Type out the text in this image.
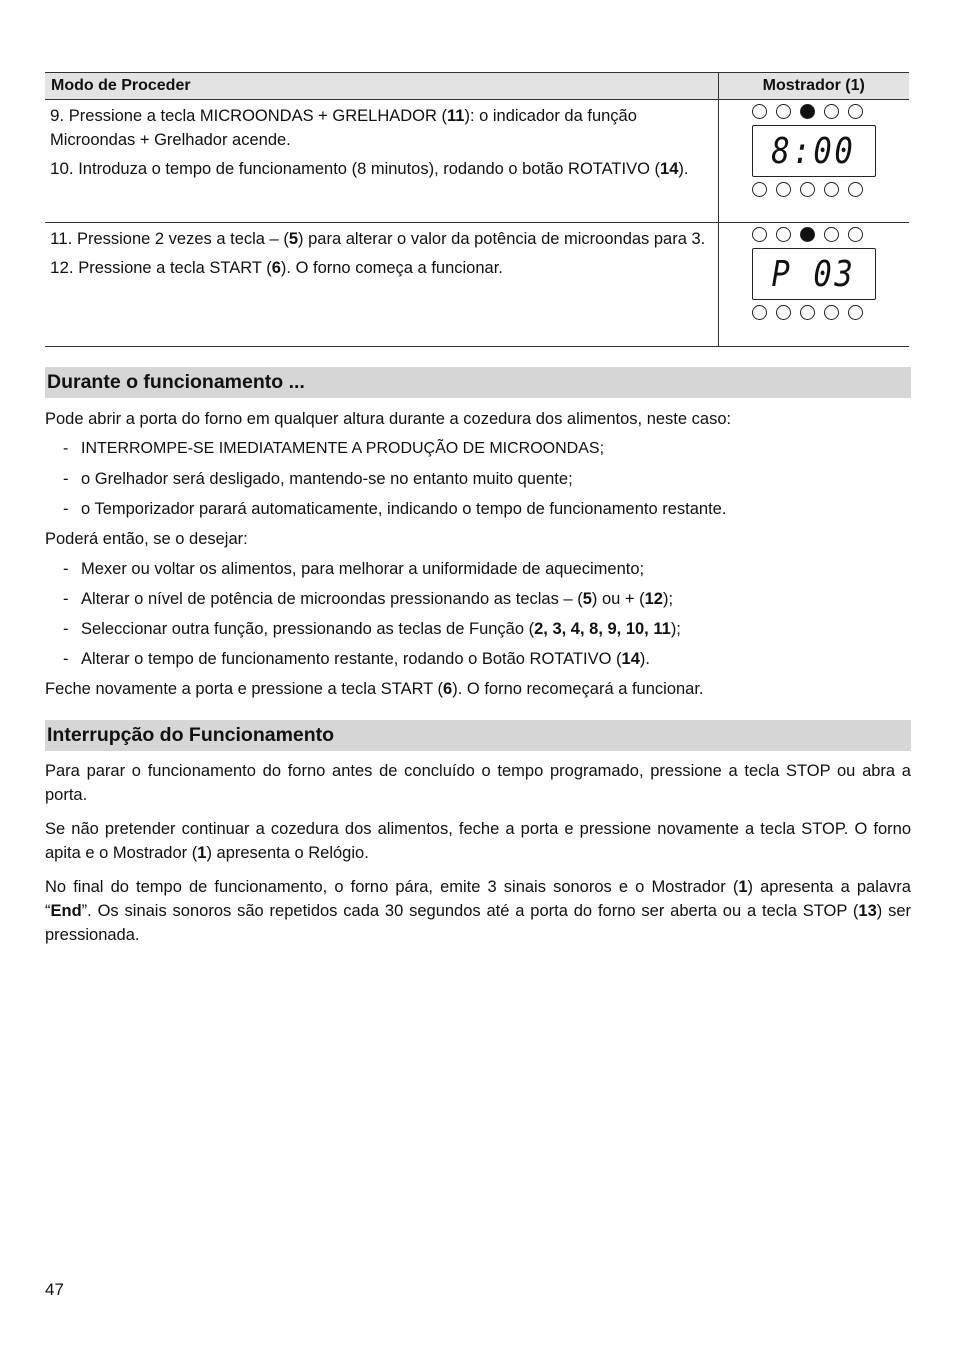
Modo de Proceder	Mostrador (1)

9. Pressione a tecla MICROONDAS + GRELHADOR (11): o indicador da função Microondas + Grelhador acende.
10. Introduza o tempo de funcionamento (8 minutos), rodando o botão ROTATIVO (14).	8:00

11. Pressione 2 vezes a tecla – (5) para alterar o valor da potência de microondas para 3.
12. Pressione a tecla START (6). O forno começa a funcionar.	P 03
Durante o funcionamento ...

Pode abrir a porta do forno em qualquer altura durante a cozedura dos alimentos, neste caso:

- INTERROMPE-SE IMEDIATAMENTE A PRODUÇÃO DE MICROONDAS;
- o Grelhador será desligado, mantendo-se no entanto muito quente;
- o Temporizador parará automaticamente, indicando o tempo de funcionamento restante.

Poderá então, se o desejar:

- Mexer ou voltar os alimentos, para melhorar a uniformidade de aquecimento;
- Alterar o nível de potência de microondas pressionando as teclas – (5) ou + (12);
- Seleccionar outra função, pressionando as teclas de Função (2, 3, 4, 8, 9, 10, 11);
- Alterar o tempo de funcionamento restante, rodando o Botão ROTATIVO (14).

Feche novamente a porta e pressione a tecla START (6). O forno recomeçará a funcionar.

Interrupção do Funcionamento

Para parar o funcionamento do forno antes de concluído o tempo programado, pressione a tecla STOP ou abra a porta.

Se não pretender continuar a cozedura dos alimentos, feche a porta e pressione novamente a tecla STOP. O forno apita e o Mostrador (1) apresenta o Relógio.

No final do tempo de funcionamento, o forno pára, emite 3 sinais sonoros e o Mostrador (1) apresenta a palavra “End”. Os sinais sonoros são repetidos cada 30 segundos até a porta do forno ser aberta ou a tecla STOP (13) ser pressionada.

47
